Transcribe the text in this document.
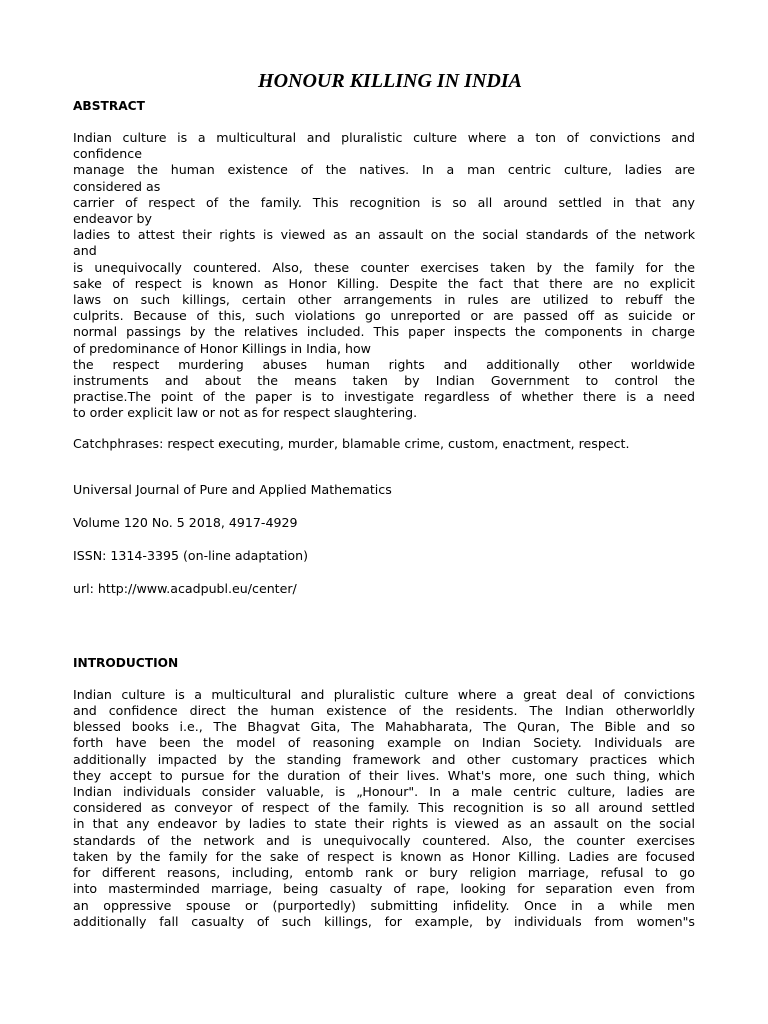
HONOUR KILLING IN INDIA
ABSTRACT

Indian culture is a multicultural and pluralistic culture where a ton of convictions and

confidence

manage the human existence of the natives. In a man centric culture, ladies are

considered as

carrier of respect of the family. This recognition is so all around settled in that any

endeavor by

ladies to attest their rights is viewed as an assault on the social standards of the network

and

is unequivocally countered. Also, these counter exercises taken by the family for the

sake of respect is known as Honor Killing. Despite the fact that there are no explicit

laws on such killings, certain other arrangements in rules are utilized to rebuff the

culprits. Because of this, such violations go unreported or are passed off as suicide or

normal passings by the relatives included. This paper inspects the components in charge

of predominance of Honor Killings in India, how

the respect murdering abuses human rights and additionally other worldwide

instruments and about the means taken by Indian Government to control the

practise.The point of the paper is to investigate regardless of whether there is a need

to order explicit law or not as for respect slaughtering.

Catchphrases: respect executing, murder, blamable crime, custom, enactment, respect.

Universal Journal of Pure and Applied Mathematics

Volume 120 No. 5 2018, 4917-4929

ISSN: 1314-3395 (on-line adaptation)

url: http://www.acadpubl.eu/center/

INTRODUCTION

Indian culture is a multicultural and pluralistic culture where a great deal of convictions

and confidence direct the human existence of the residents. The Indian otherworldly

blessed books i.e., The Bhagvat Gita, The Mahabharata, The Quran, The Bible and so

forth have been the model of reasoning example on Indian Society. Individuals are

additionally impacted by the standing framework and other customary practices which

they accept to pursue for the duration of their lives. What's more, one such thing, which

Indian individuals consider valuable, is „Honour". In a male centric culture, ladies are

considered as conveyor of respect of the family. This recognition is so all around settled

in that any endeavor by ladies to state their rights is viewed as an assault on the social

standards of the network and is unequivocally countered. Also, the counter exercises

taken by the family for the sake of respect is known as Honor Killing. Ladies are focused

for different reasons, including, entomb rank or bury religion marriage, refusal to go

into masterminded marriage, being casualty of rape, looking for separation even from

an oppressive spouse or (purportedly) submitting infidelity. Once in a while men

additionally fall casualty of such killings, for example, by individuals from women"s
